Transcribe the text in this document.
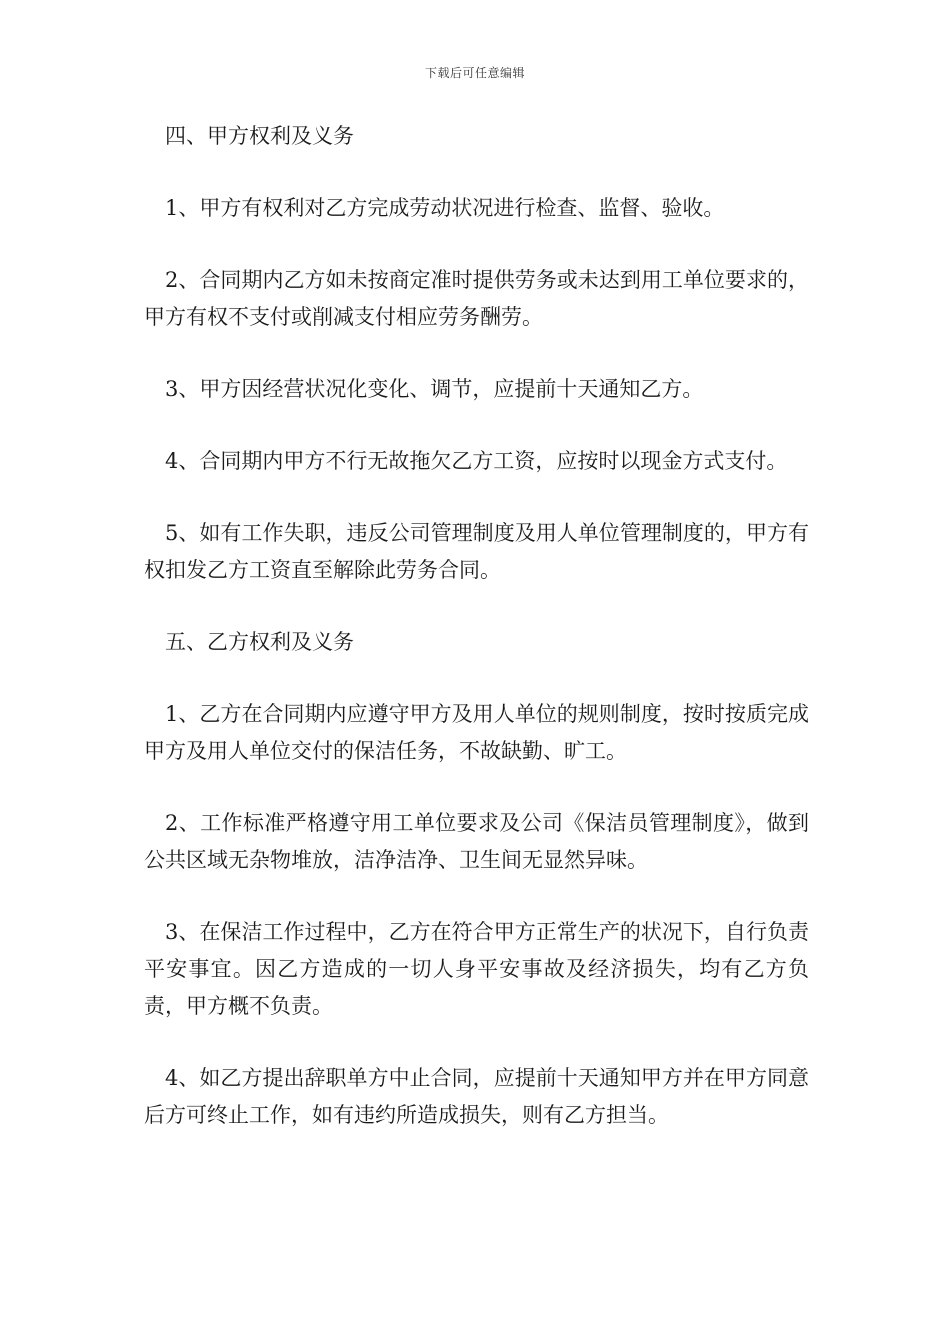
下载后可任意编辑

四、甲方权利及义务

1、甲方有权利对乙方完成劳动状况进行检查、监督、验收。

2、合同期内乙方如未按商定准时提供劳务或未达到用工单位要求的，甲方有权不支付或削减支付相应劳务酬劳。

3、甲方因经营状况化变化、调节，应提前十天通知乙方。

4、合同期内甲方不行无故拖欠乙方工资，应按时以现金方式支付。

5、如有工作失职，违反公司管理制度及用人单位管理制度的，甲方有权扣发乙方工资直至解除此劳务合同。

五、乙方权利及义务

1、乙方在合同期内应遵守甲方及用人单位的规则制度，按时按质完成甲方及用人单位交付的保洁任务，不故缺勤、旷工。

2、工作标准严格遵守用工单位要求及公司《保洁员管理制度》，做到公共区域无杂物堆放，洁净洁净、卫生间无显然异味。

3、在保洁工作过程中，乙方在符合甲方正常生产的状况下，自行负责平安事宜。因乙方造成的一切人身平安事故及经济损失，均有乙方负责，甲方概不负责。

4、如乙方提出辞职单方中止合同，应提前十天通知甲方并在甲方同意后方可终止工作，如有违约所造成损失，则有乙方担当。
